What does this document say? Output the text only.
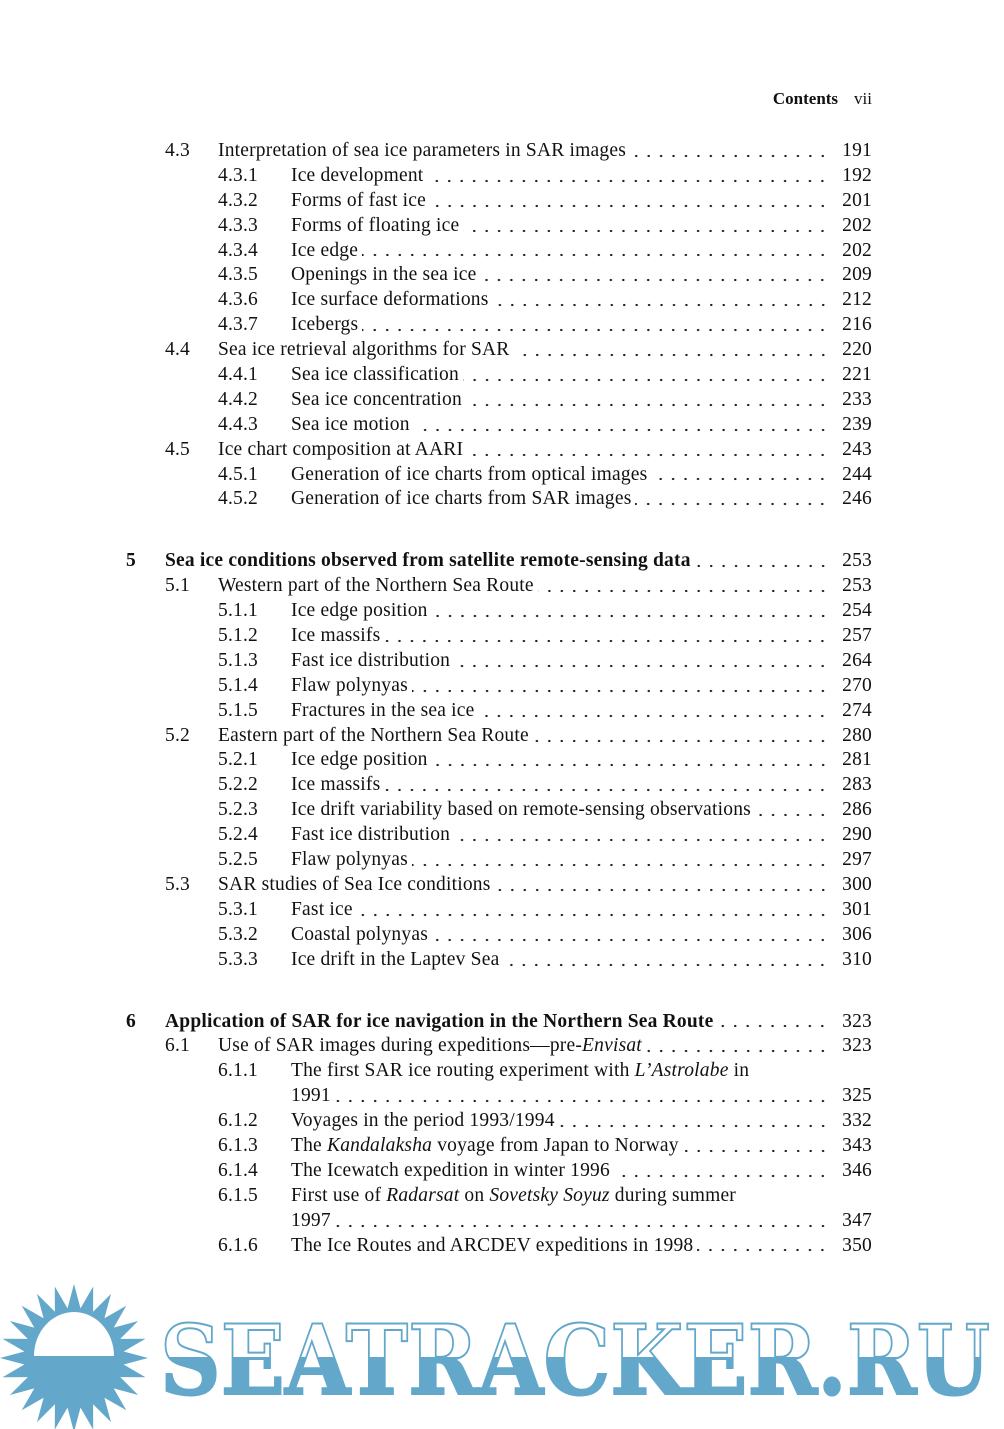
Contents vii
4.3 Interpretation of sea ice parameters in SAR images	191
4.3.1 Ice development	192
4.3.2 Forms of fast ice	201
4.3.3 Forms of floating ice	202
4.3.4 Ice edge	202
4.3.5 Openings in the sea ice	209
4.3.6 Ice surface deformations	212
4.3.7 Icebergs	216
4.4 Sea ice retrieval algorithms for SAR	220
4.4.1 Sea ice classification	221
4.4.2 Sea ice concentration	233
4.4.3 Sea ice motion	239
4.5 Ice chart composition at AARI	243
4.5.1 Generation of ice charts from optical images	244
4.5.2 Generation of ice charts from SAR images	246
5 Sea ice conditions observed from satellite remote-sensing data	253
5.1 Western part of the Northern Sea Route	253
5.1.1 Ice edge position	254
5.1.2 Ice massifs	257
5.1.3 Fast ice distribution	264
5.1.4 Flaw polynyas	270
5.1.5 Fractures in the sea ice	274
5.2 Eastern part of the Northern Sea Route	280
5.2.1 Ice edge position	281
5.2.2 Ice massifs	283
5.2.3 Ice drift variability based on remote-sensing observations	286
5.2.4 Fast ice distribution	290
5.2.5 Flaw polynyas	297
5.3 SAR studies of Sea Ice conditions	300
5.3.1 Fast ice	301
5.3.2 Coastal polynyas	306
5.3.3 Ice drift in the Laptev Sea	310
6 Application of SAR for ice navigation in the Northern Sea Route	323
6.1 Use of SAR images during expeditions—pre-Envisat	323
6.1.1 The first SAR ice routing experiment with L’Astrolabe in
1991	325
6.1.2 Voyages in the period 1993/1994	332
6.1.3 The Kandalaksha voyage from Japan to Norway	343
6.1.4 The Icewatch expedition in winter 1996	346
6.1.5 First use of Radarsat on Sovetsky Soyuz during summer
1997	347
6.1.6 The Ice Routes and ARCDEV expeditions in 1998	350
SEATRACKER.RU
